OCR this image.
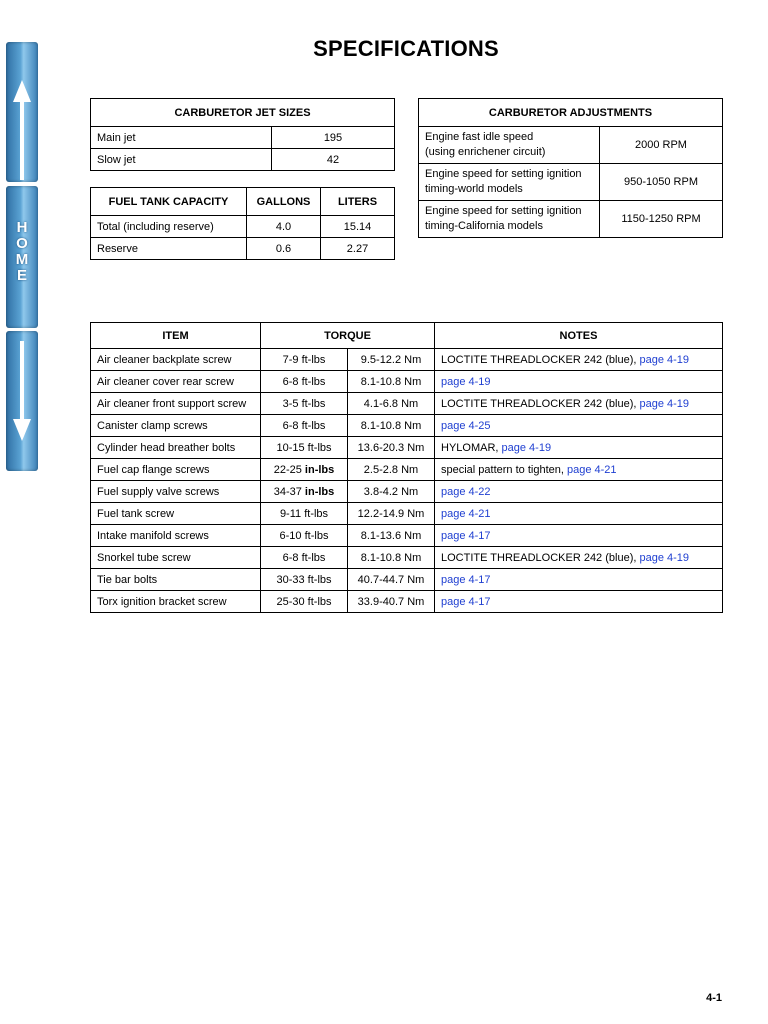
H
O
M
E
SPECIFICATIONS
CARBURETOR JET SIZES	
Main jet	195
Slow jet	42
FUEL TANK CAPACITY	GALLONS	LITERS
Total (including reserve)	4.0	15.14
Reserve	0.6	2.27
CARBURETOR ADJUSTMENTS	
Engine fast idle speed
(using enrichener circuit)	2000 RPM
Engine speed for setting ignition
timing-world models	950-1050 RPM
Engine speed for setting ignition
timing-California models	1150-1250 RPM
ITEM	TORQUE		NOTES
Air cleaner backplate screw	7-9 ft-lbs	9.5-12.2 Nm	LOCTITE THREADLOCKER 242 (blue), page 4-19
Air cleaner cover rear screw	6-8 ft-lbs	8.1-10.8 Nm	page 4-19
Air cleaner front support screw	3-5 ft-lbs	4.1-6.8 Nm	LOCTITE THREADLOCKER 242 (blue), page 4-19
Canister clamp screws	6-8 ft-lbs	8.1-10.8 Nm	page 4-25
Cylinder head breather bolts	10-15 ft-lbs	13.6-20.3 Nm	HYLOMAR, page 4-19
Fuel cap flange screws	22-25 in-lbs	2.5-2.8 Nm	special pattern to tighten, page 4-21
Fuel supply valve screws	34-37 in-lbs	3.8-4.2 Nm	page 4-22
Fuel tank screw	9-11 ft-lbs	12.2-14.9 Nm	page 4-21
Intake manifold screws	6-10 ft-lbs	8.1-13.6 Nm	page 4-17
Snorkel tube screw	6-8 ft-lbs	8.1-10.8 Nm	LOCTITE THREADLOCKER 242 (blue), page 4-19
Tie bar bolts	30-33 ft-lbs	40.7-44.7 Nm	page 4-17
Torx ignition bracket screw	25-30 ft-lbs	33.9-40.7 Nm	page 4-17
4-1
